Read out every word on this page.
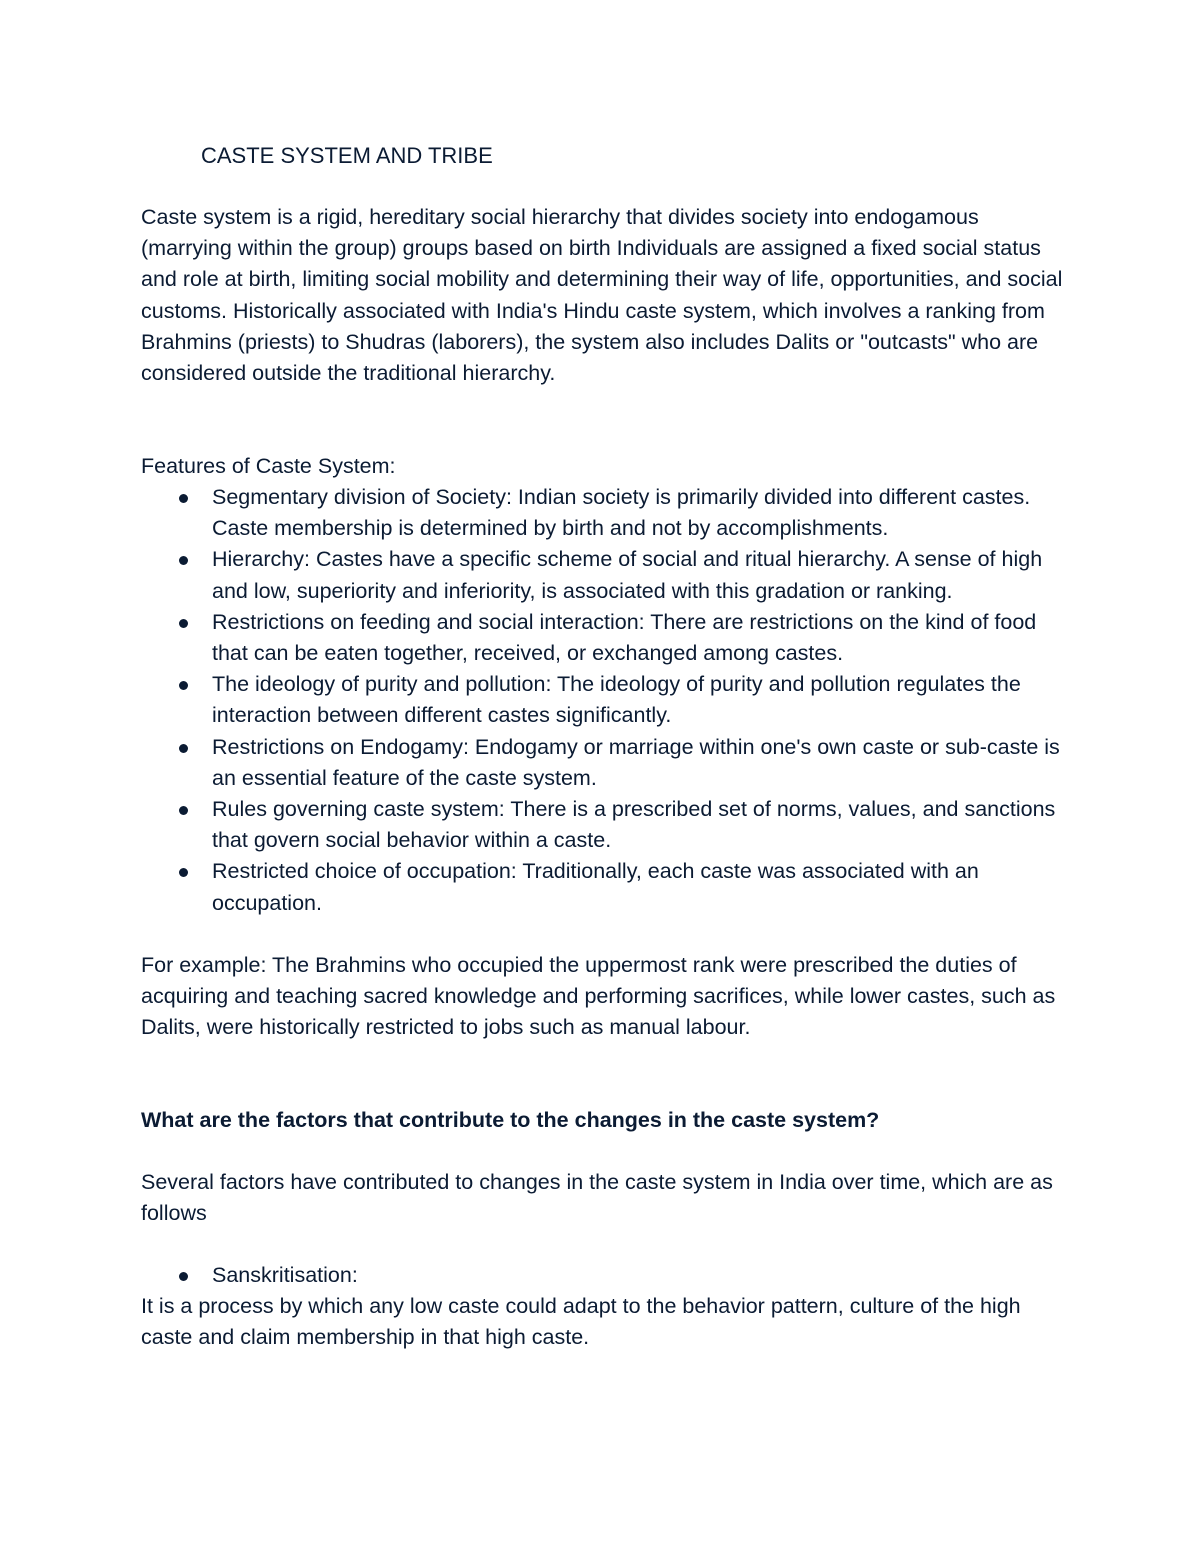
CASTE SYSTEM AND TRIBE

Caste system is a rigid, hereditary social hierarchy that divides society into endogamous (marrying within the group) groups based on birth Individuals are assigned a fixed social status and role at birth, limiting social mobility and determining their way of life, opportunities, and social customs. Historically associated with India's Hindu caste system, which involves a ranking from Brahmins (priests) to Shudras (laborers), the system also includes Dalits or "outcasts" who are considered outside the traditional hierarchy.

Features of Caste System:

Segmentary division of Society: Indian society is primarily divided into different castes. Caste membership is determined by birth and not by accomplishments.
Hierarchy: Castes have a specific scheme of social and ritual hierarchy. A sense of high and low, superiority and inferiority, is associated with this gradation or ranking.
Restrictions on feeding and social interaction: There are restrictions on the kind of food that can be eaten together, received, or exchanged among castes.
The ideology of purity and pollution: The ideology of purity and pollution regulates the interaction between different castes significantly.
Restrictions on Endogamy: Endogamy or marriage within one's own caste or sub-caste is an essential feature of the caste system.
Rules governing caste system: There is a prescribed set of norms, values, and sanctions that govern social behavior within a caste.
Restricted choice of occupation: Traditionally, each caste was associated with an occupation.

For example: The Brahmins who occupied the uppermost rank were prescribed the duties of acquiring and teaching sacred knowledge and performing sacrifices, while lower castes, such as Dalits, were historically restricted to jobs such as manual labour.

What are the factors that contribute to the changes in the caste system?

Several factors have contributed to changes in the caste system in India over time, which are as follows

Sanskritisation:

It is a process by which any low caste could adapt to the behavior pattern, culture of the high caste and claim membership in that high caste.
